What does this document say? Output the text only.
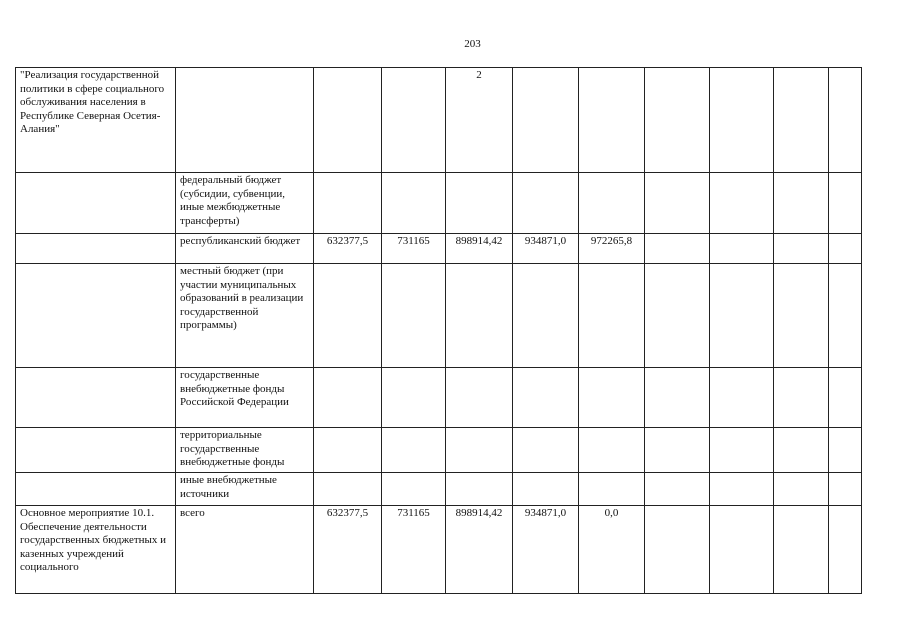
203
"Реализация государственной политики в сфере социального обслуживания населения в Республике Северная Осетия-Алания"				2						
	федеральный бюджет (субсидии, субвенции, иные межбюджетные трансферты)									
	республиканский бюджет	632377,5	731165	898914,42	934871,0	972265,8				
	местный бюджет (при участии муниципальных образований в реализации государственной программы)									
	государственные внебюджетные фонды Российской Федерации									
	территориальные государственные внебюджетные фонды									
	иные внебюджетные источники									
Основное мероприятие 10.1. Обеспечение деятельности государственных бюджетных и казенных учреждений социального	всего	632377,5	731165	898914,42	934871,0	0,0				
